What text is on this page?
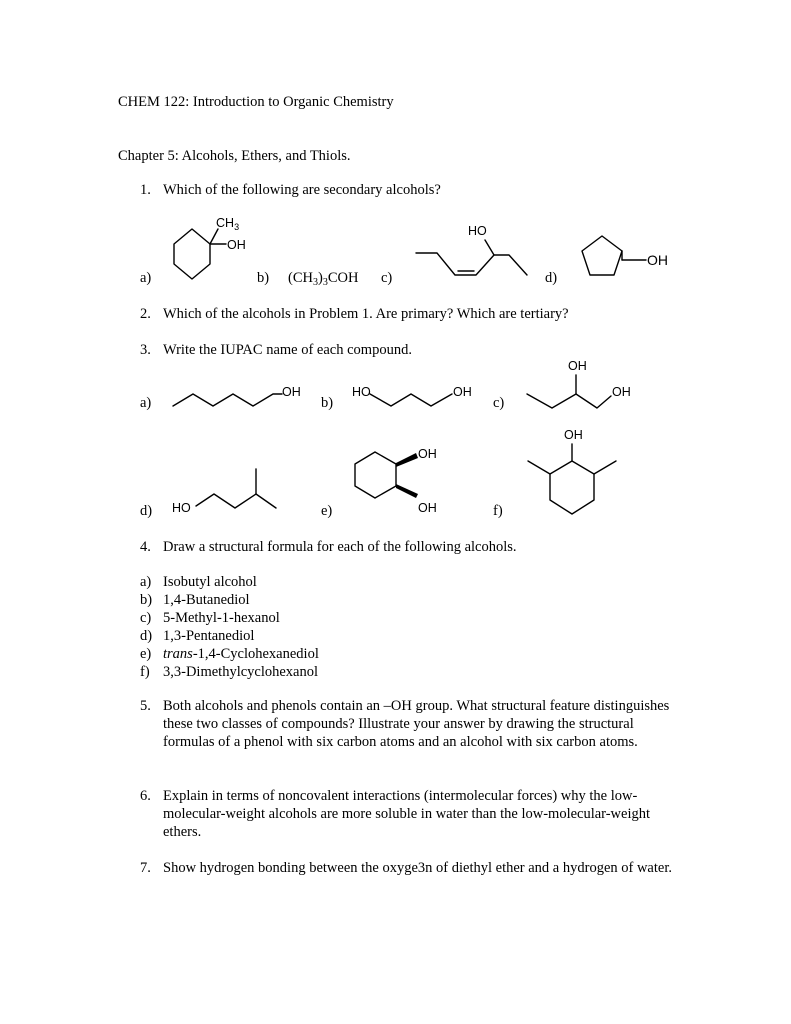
CHEM 122: Introduction to Organic Chemistry
Chapter 5: Alcohols, Ethers, and Thiols.
1. Which of the following are secondary alcohols?
a)	b) $(CH_3)_3COH$ c)	d)
2. Which of the alcohols in Problem 1. Are primary? Which are tertiary?
3. Write the IUPAC name of each compound.
a)	b)	c)
d)	e)	f)
4. Draw a structural formula for each of the following alcohols.
a) Isobutyl alcohol
b) 1,4-Butanediol
c) 5-Methyl-1-hexanol
d) 1,3-Pentanediol
e) trans-1,4-Cyclohexanediol
f) 3,3-Dimethylcyclohexanol
5. Both alcohols and phenols contain an –OH group. What structural feature distinguishes these two classes of compounds? Illustrate your answer by drawing the structural formulas of a phenol with six carbon atoms and an alcohol with six carbon atoms.
6. Explain in terms of noncovalent interactions (intermolecular forces) why the low-molecular-weight alcohols are more soluble in water than the low-molecular-weight ethers.
7. Show hydrogen bonding between the oxyge3n of diethyl ether and a hydrogen of water.
$CH_3$
OH
HO
OH
OH	HO	OH
OH
OH
HO
OH
OH
OH
